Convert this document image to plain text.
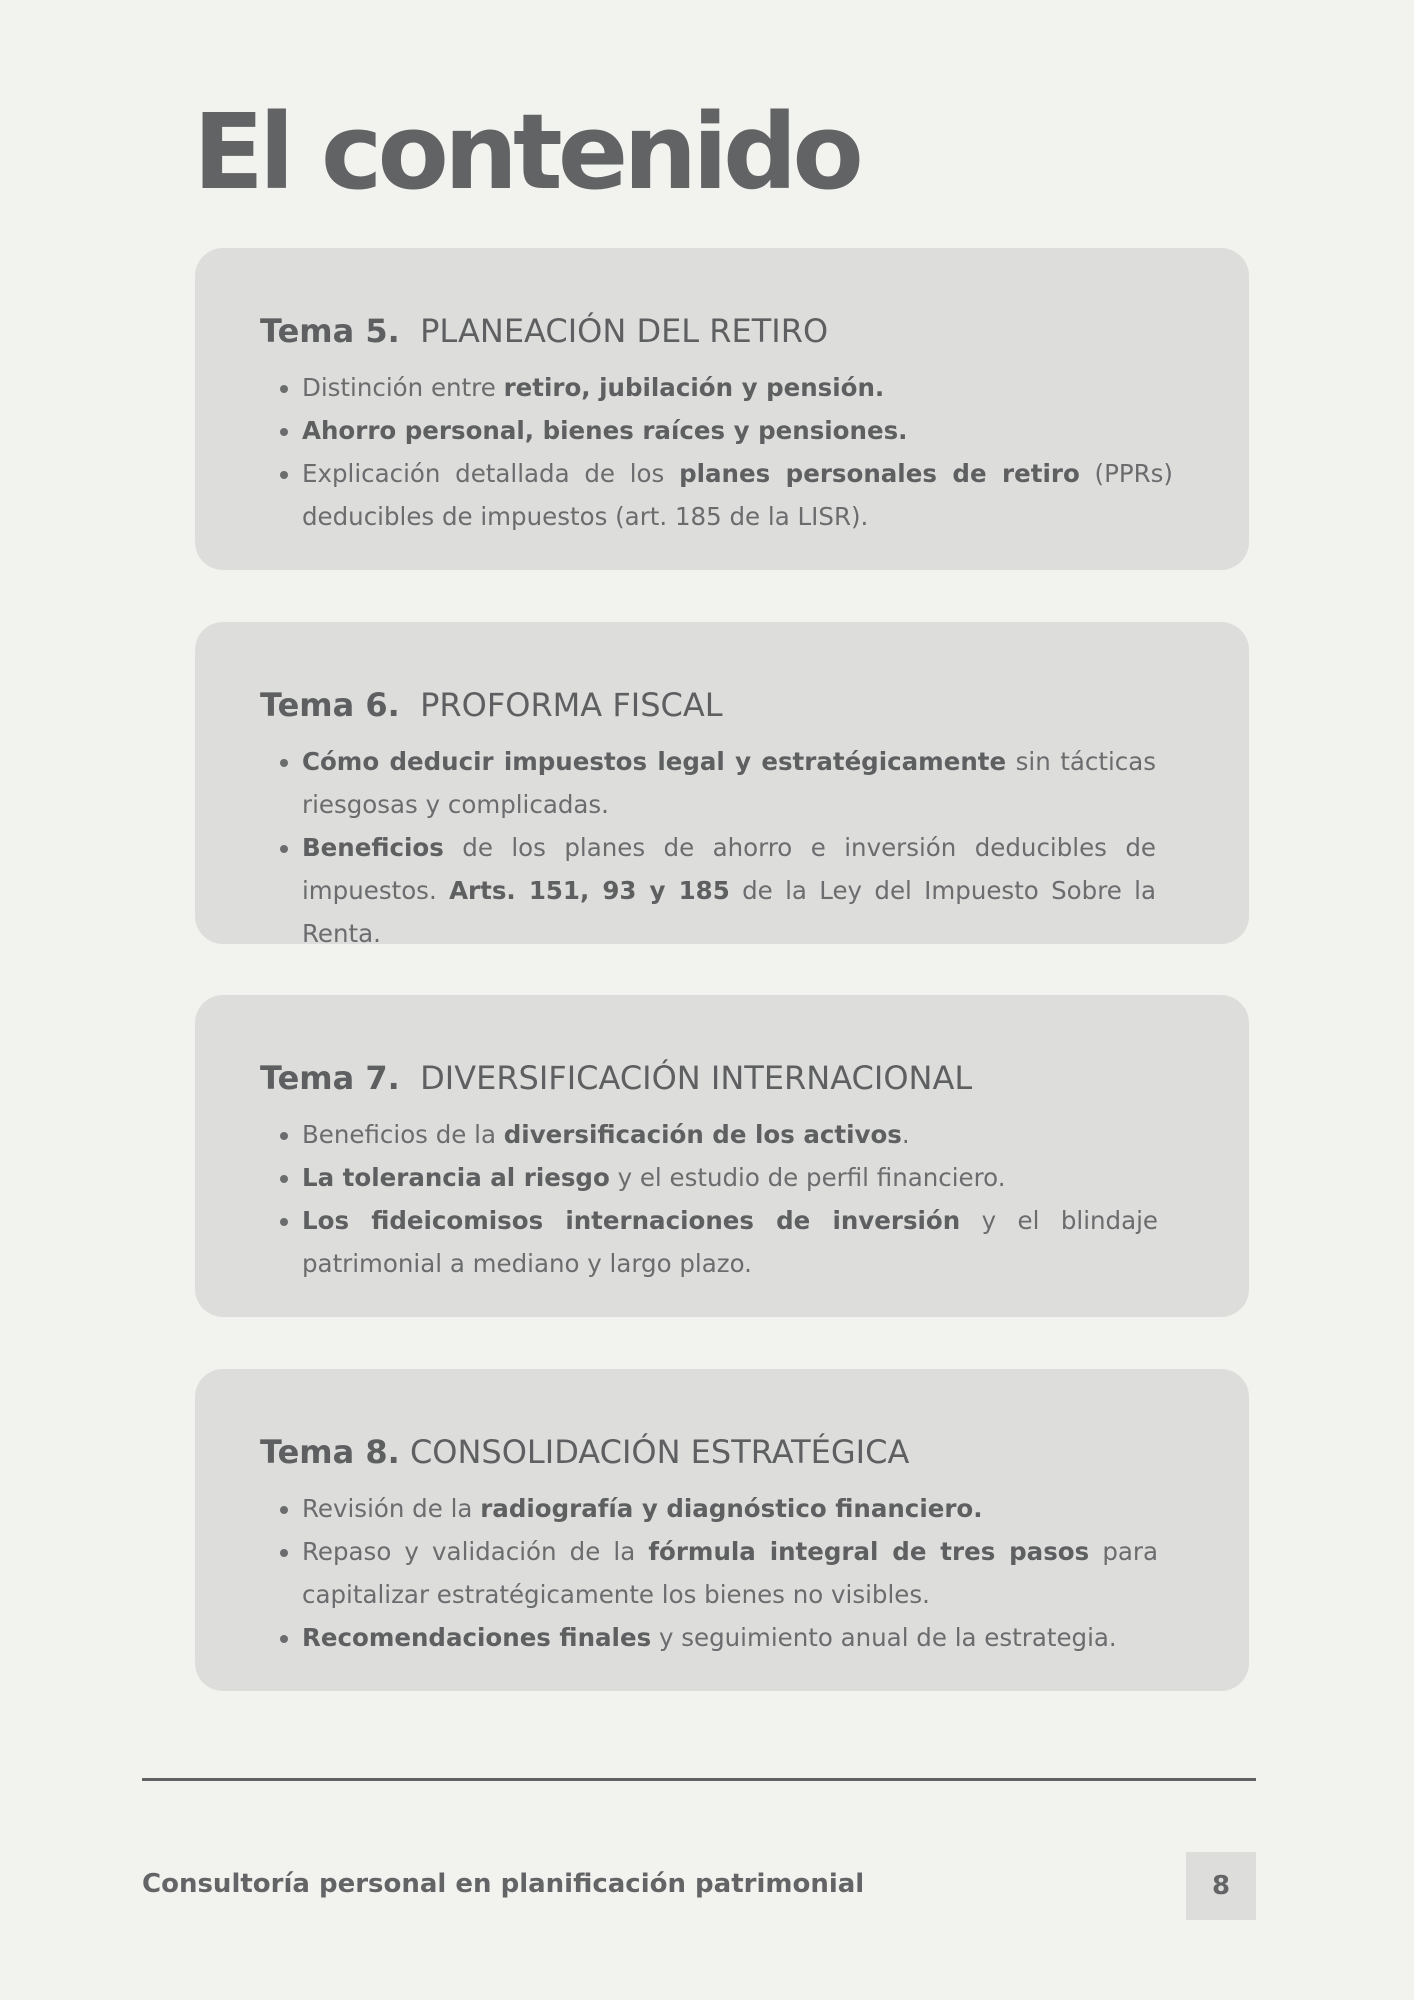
El contenido
Tema 5. PLANEACIÓN DEL RETIRO
• Distinción entre retiro, jubilación y pensión.
• Ahorro personal, bienes raíces y pensiones.
• Explicación detallada de los planes personales de retiro (PPRs) deducibles de impuestos (art. 185 de la LISR).
Tema 6. PROFORMA FISCAL
• Cómo deducir impuestos legal y estratégicamente sin tácticas riesgosas y complicadas.
• Beneficios de los planes de ahorro e inversión deducibles de impuestos. Arts. 151, 93 y 185 de la Ley del Impuesto Sobre la Renta.
Tema 7. DIVERSIFICACIÓN INTERNACIONAL
• Beneficios de la diversificación de los activos.
• La tolerancia al riesgo y el estudio de perfil financiero.
• Los fideicomisos internaciones de inversión y el blindaje patrimonial a mediano y largo plazo.
Tema 8. CONSOLIDACIÓN ESTRATÉGICA
• Revisión de la radiografía y diagnóstico financiero.
• Repaso y validación de la fórmula integral de tres pasos para capitalizar estratégicamente los bienes no visibles.
• Recomendaciones finales y seguimiento anual de la estrategia.
Consultoría personal en planificación patrimonial	8
